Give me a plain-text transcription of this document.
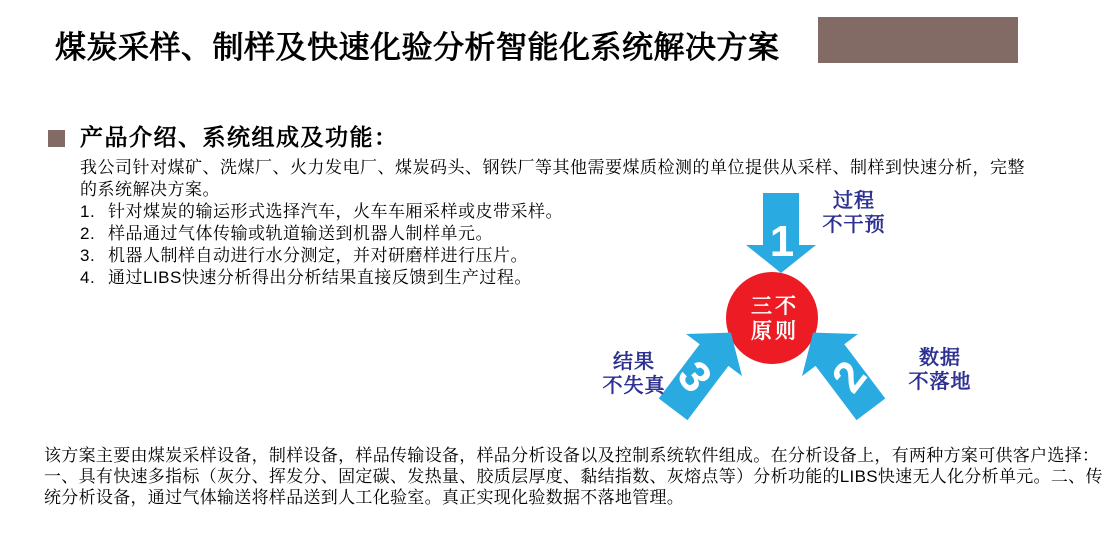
煤炭采样、制样及快速化验分析智能化系统解决方案
产品介绍、系统组成及功能：
我公司针对煤矿、洗煤厂、火力发电厂、煤炭码头、钢铁厂等其他需要煤质检测的单位提供从采样、制样到快速分析，完整的系统解决方案。
1. 针对煤炭的输运形式选择汽车，火车车厢采样或皮带采样。
2. 样品通过气体传输或轨道输送到机器人制样单元。
3. 机器人制样自动进行水分测定，并对研磨样进行压片。
4. 通过LIBS快速分析得出分析结果直接反馈到生产过程。
1
2
3
三不
原则
过程
不干预
数据
不落地
结果
不失真
该方案主要由煤炭采样设备，制样设备，样品传输设备，样品分析设备以及控制系统软件组成。在分析设备上，有两种方案可供客户选择：一、具有快速多指标（灰分、挥发分、固定碳、发热量、胶质层厚度、黏结指数、灰熔点等）分析功能的LIBS快速无人化分析单元。二、传统分析设备，通过气体输送将样品送到人工化验室。真正实现化验数据不落地管理。
